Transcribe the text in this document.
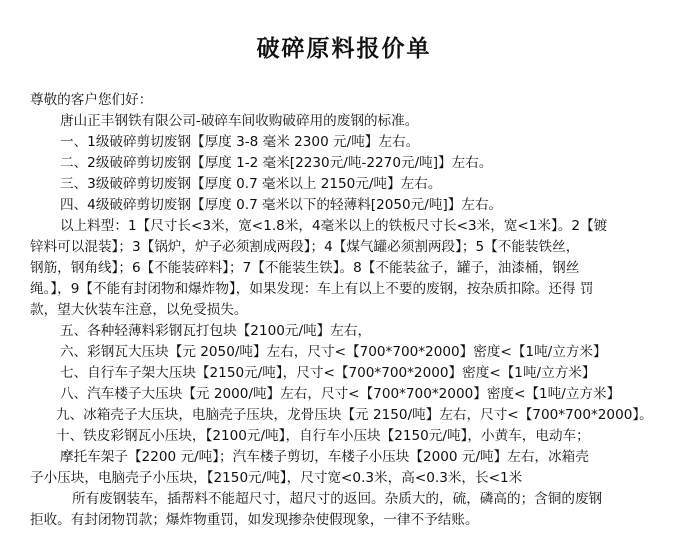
破碎原料报价单
尊敬的客户您们好：
唐山正丰钢铁有限公司-破碎车间收购破碎用的废钢的标准。
一、1级破碎剪切废钢【厚度 3-8 毫米 2300 元/吨】左右。
二、2级破碎剪切废钢【厚度 1-2 毫米[2230元/吨-2270元/吨]】左右。
三、3级破碎剪切废钢【厚度 0.7 毫米以上 2150元/吨】左右。
四、4级破碎剪切废钢【厚度 0.7 毫米以下的轻薄料[2050元/吨]】左右。
以上料型：1【尺寸长<3米，宽<1.8米，4毫米以上的铁板尺寸长<3米，宽<1米】。2【镀
锌料可以混装】；3【锅炉，炉子必须割成两段】；4【煤气罐必须割两段】；5【不能装铁丝，
钢筋，钢角线】；6【不能装碎料】；7【不能装生铁】。8【不能装盆子，罐子，油漆桶，钢丝
绳。】，9【不能有封闭物和爆炸物】，如果发现：车上有以上不要的废钢，按杂质扣除。还得 罚
款，望大伙装车注意，以免受损失。
五、各种轻薄料彩钢瓦打包块【2100元/吨】左右，
六、彩钢瓦大压块【元 2050/吨】左右，尺寸<【700*700*2000】密度<【1吨/立方米】
七、自行车子架大压块【2150元/吨】，尺寸<【700*700*2000】密度<【1吨/立方米】
八、汽车楼子大压块【元 2000/吨】左右，尺寸<【700*700*2000】密度<【1吨/立方米】
九、冰箱壳子大压块，电脑壳子压块，龙骨压块【元 2150/吨】左右，尺寸<【700*700*2000】。
十、铁皮彩钢瓦小压块，【2100元/吨】，自行车小压块【2150元/吨】，小黄车，电动车；
摩托车架子【2200 元/吨】；汽车楼子剪切，车楼子小压块【2000 元/吨】左右，冰箱壳
子小压块，电脑壳子小压块，【2150元/吨】，尺寸宽<0.3米，高<0.3米，长<1米
所有废钢装车，插帮料不能超尺寸，超尺寸的返回。杂质大的，硫，磷高的；含铜的废钢
拒收。有封闭物罚款；爆炸物重罚，如发现掺杂使假现象，一律不予结账。
